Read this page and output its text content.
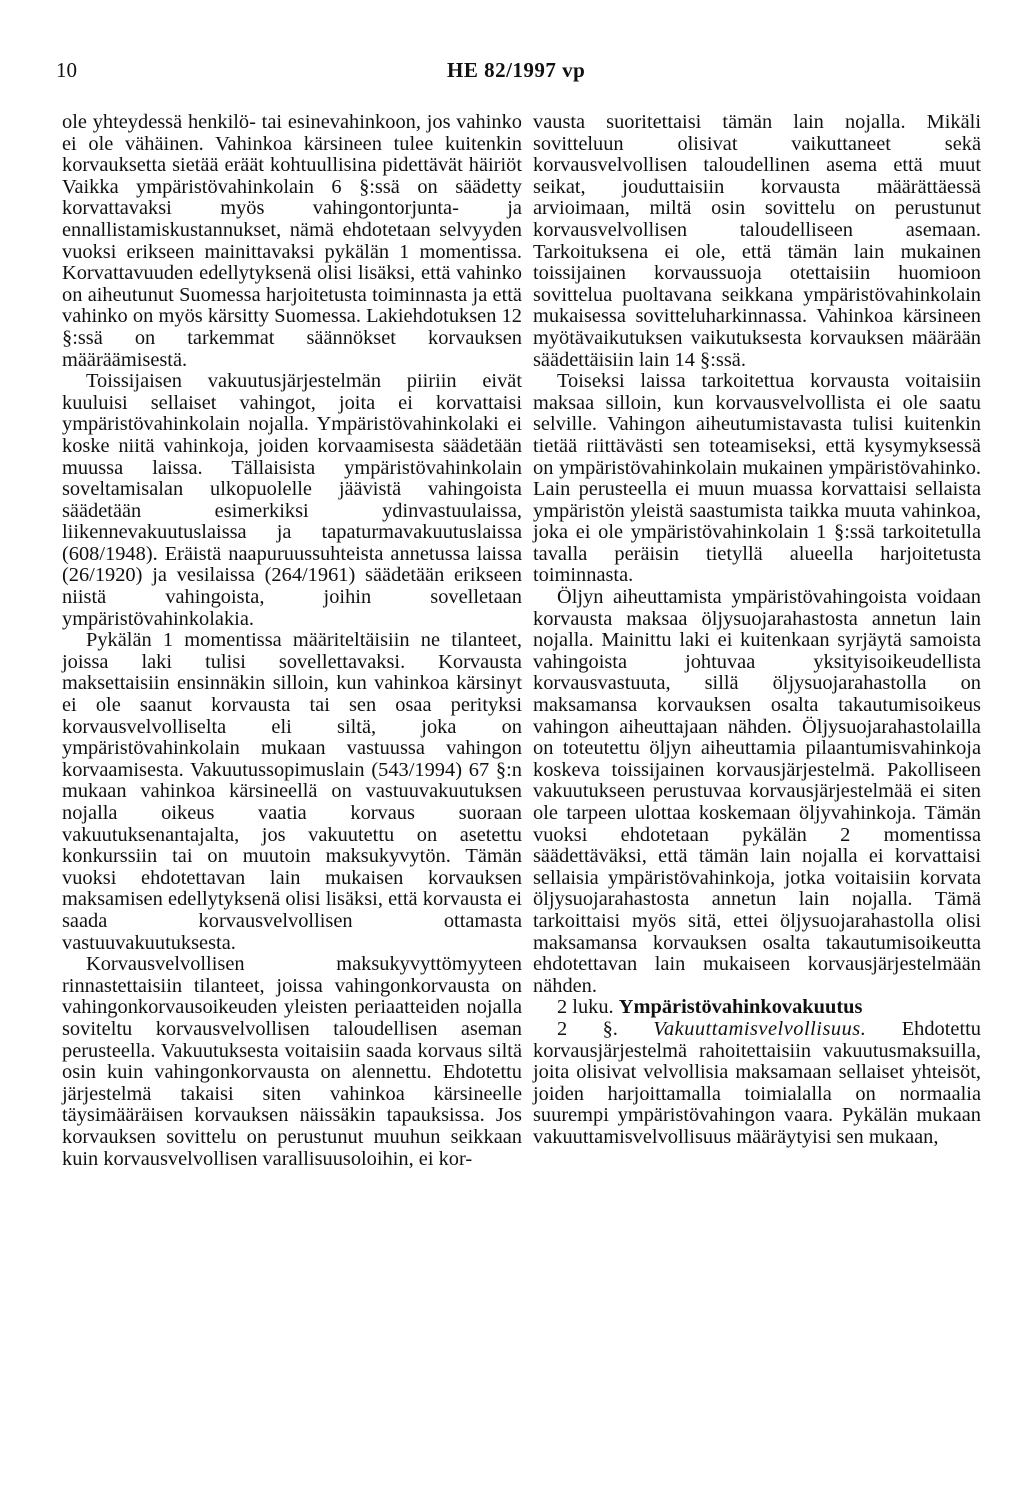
10	HE 82/1997 vp

ole yhteydessä henkilö- tai esinevahinkoon, jos vahinko ei ole vähäinen. Vahinkoa kärsineen tulee kuitenkin korvauksetta sietää eräät kohtuullisina pidettävät häiriöt Vaikka ympäristövahinkolain 6 §:ssä on säädetty korvattavaksi myös vahingontorjunta- ja ennallistamiskustannukset, nämä ehdotetaan selvyyden vuoksi erikseen mainittavaksi pykälän 1 momentissa. Korvattavuuden edellytyksenä olisi lisäksi, että vahinko on aiheutunut Suomessa harjoitetusta toiminnasta ja että vahinko on myös kärsitty Suomessa. Lakiehdotuksen 12 §:ssä on tarkemmat säännökset korvauksen määräämisestä.

Toissijaisen vakuutusjärjestelmän piiriin eivät kuuluisi sellaiset vahingot, joita ei korvattaisi ympäristövahinkolain nojalla. Ympäristövahinkolaki ei koske niitä vahinkoja, joiden korvaamisesta säädetään muussa laissa. Tällaisista ympäristövahinkolain soveltamisalan ulkopuolelle jäävistä vahingoista säädetään esimerkiksi ydinvastuulaissa, liikennevakuutuslaissa ja tapaturmavakuutuslaissa (608/1948). Eräistä naapuruussuhteista annetussa laissa (26/1920) ja vesilaissa (264/1961) säädetään erikseen niistä vahingoista, joihin sovelletaan ympäristövahinkolakia.

Pykälän 1 momentissa määriteltäisiin ne tilanteet, joissa laki tulisi sovellettavaksi. Korvausta maksettaisiin ensinnäkin silloin, kun vahinkoa kärsinyt ei ole saanut korvausta tai sen osaa perityksi korvausvelvolliselta eli siltä, joka on ympäristövahinkolain mukaan vastuussa vahingon korvaamisesta. Vakuutussopimuslain (543/1994) 67 §:n mukaan vahinkoa kärsineellä on vastuuvakuutuksen nojalla oikeus vaatia korvaus suoraan vakuutuksenantajalta, jos vakuutettu on asetettu konkurssiin tai on muutoin maksukyvytön. Tämän vuoksi ehdotettavan lain mukaisen korvauksen maksamisen edellytyksenä olisi lisäksi, että korvausta ei saada korvausvelvollisen ottamasta vastuuvakuutuksesta.

Korvausvelvollisen maksukyvyttömyyteen rinnastettaisiin tilanteet, joissa vahingonkorvausta on vahingonkorvausoikeuden yleisten periaatteiden nojalla soviteltu korvausvelvollisen taloudellisen aseman perusteella. Vakuutuksesta voitaisiin saada korvaus siltä osin kuin vahingonkorvausta on alennettu. Ehdotettu järjestelmä takaisi siten vahinkoa kärsineelle täysimääräisen korvauksen näissäkin tapauksissa. Jos korvauksen sovittelu on perustunut muuhun seikkaan kuin korvausvelvollisen varallisuusoloihin, ei kor-

vausta suoritettaisi tämän lain nojalla. Mikäli sovitteluun olisivat vaikuttaneet sekä korvausvelvollisen taloudellinen asema että muut seikat, jouduttaisiin korvausta määrättäessä arvioimaan, miltä osin sovittelu on perustunut korvausvelvollisen taloudelliseen asemaan. Tarkoituksena ei ole, että tämän lain mukainen toissijainen korvaussuoja otettaisiin huomioon sovittelua puoltavana seikkana ympäristövahinkolain mukaisessa sovitteluharkinnassa. Vahinkoa kärsineen myötävaikutuksen vaikutuksesta korvauksen määrään säädettäisiin lain 14 §:ssä.

Toiseksi laissa tarkoitettua korvausta voitaisiin maksaa silloin, kun korvausvelvollista ei ole saatu selville. Vahingon aiheutumistavasta tulisi kuitenkin tietää riittävästi sen toteamiseksi, että kysymyksessä on ympäristövahinkolain mukainen ympäristövahinko. Lain perusteella ei muun muassa korvattaisi sellaista ympäristön yleistä saastumista taikka muuta vahinkoa, joka ei ole ympäristövahinkolain 1 §:ssä tarkoitetulla tavalla peräisin tietyllä alueella harjoitetusta toiminnasta.

Öljyn aiheuttamista ympäristövahingoista voidaan korvausta maksaa öljysuojarahastosta annetun lain nojalla. Mainittu laki ei kuitenkaan syrjäytä samoista vahingoista johtuvaa yksityisoikeudellista korvausvastuuta, sillä öljysuojarahastolla on maksamansa korvauksen osalta takautumisoikeus vahingon aiheuttajaan nähden. Öljysuojarahastolailla on toteutettu öljyn aiheuttamia pilaantumisvahinkoja koskeva toissijainen korvausjärjestelmä. Pakolliseen vakuutukseen perustuvaa korvausjärjestelmää ei siten ole tarpeen ulottaa koskemaan öljyvahinkoja. Tämän vuoksi ehdotetaan pykälän 2 momentissa säädettäväksi, että tämän lain nojalla ei korvattaisi sellaisia ympäristövahinkoja, jotka voitaisiin korvata öljysuojarahastosta annetun lain nojalla. Tämä tarkoittaisi myös sitä, ettei öljysuojarahastolla olisi maksamansa korvauksen osalta takautumisoikeutta ehdotettavan lain mukaiseen korvausjärjestelmään nähden.

2 luku. Ympäristövahinkovakuutus

2 §. Vakuuttamisvelvollisuus. Ehdotettu korvausjärjestelmä rahoitettaisiin vakuutusmaksuilla, joita olisivat velvollisia maksamaan sellaiset yhteisöt, joiden harjoittamalla toimialalla on normaalia suurempi ympäristövahingon vaara. Pykälän mukaan vakuuttamisvelvollisuus määräytyisi sen mukaan,
